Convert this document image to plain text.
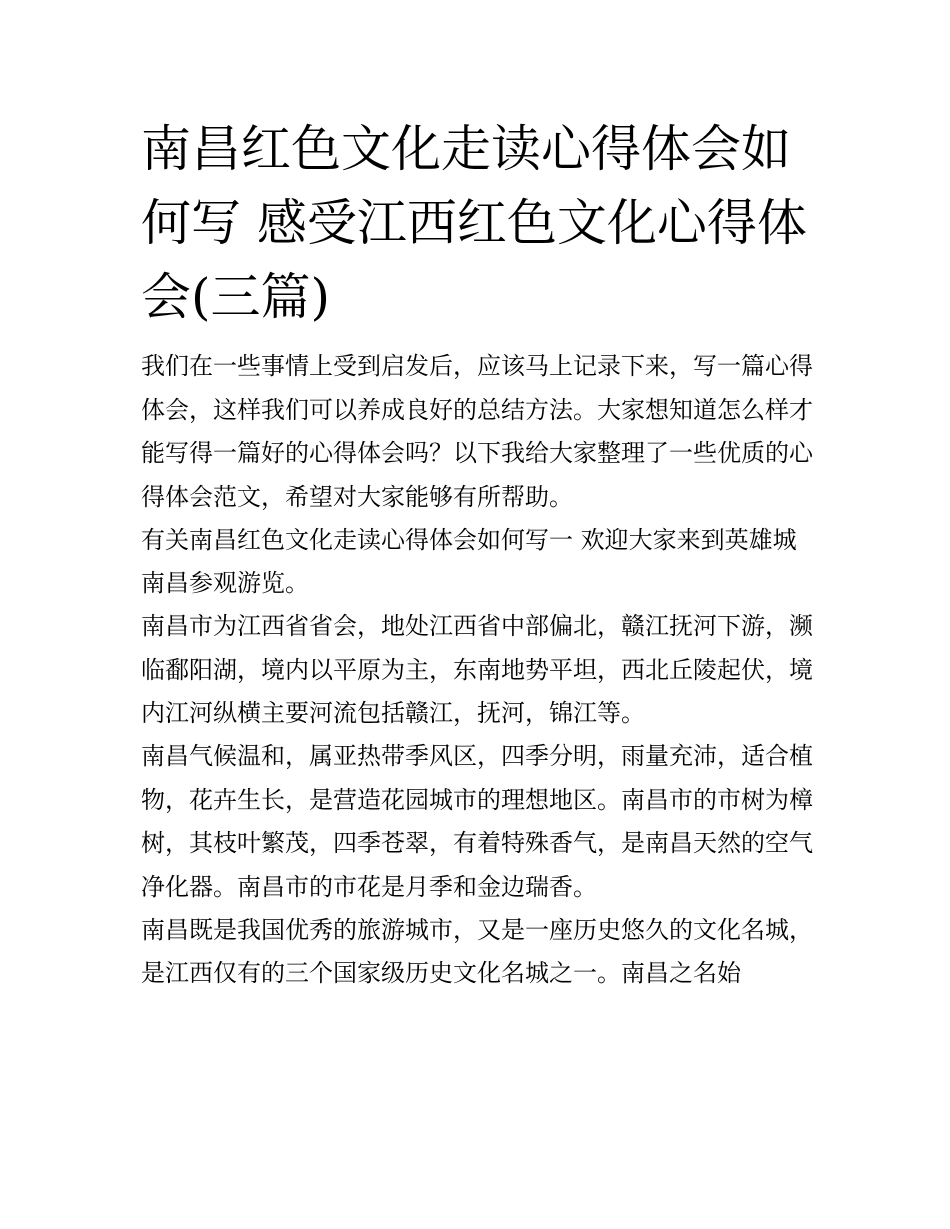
南昌红色文化走读心得体会如何写 感受江西红色文化心得体会(三篇)

我们在一些事情上受到启发后，应该马上记录下来，写一篇心得体会，这样我们可以养成良好的总结方法。大家想知道怎么样才能写得一篇好的心得体会吗？以下我给大家整理了一些优质的心得体会范文，希望对大家能够有所帮助。

有关南昌红色文化走读心得体会如何写一 欢迎大家来到英雄城南昌参观游览。

南昌市为江西省省会，地处江西省中部偏北，赣江抚河下游，濒临鄱阳湖，境内以平原为主，东南地势平坦，西北丘陵起伏，境内江河纵横主要河流包括赣江，抚河，锦江等。

南昌气候温和，属亚热带季风区，四季分明，雨量充沛，适合植物，花卉生长，是营造花园城市的理想地区。南昌市的市树为樟树，其枝叶繁茂，四季苍翠，有着特殊香气，是南昌天然的空气净化器。南昌市的市花是月季和金边瑞香。

南昌既是我国优秀的旅游城市，又是一座历史悠久的文化名城，是江西仅有的三个国家级历史文化名城之一。南昌之名始
